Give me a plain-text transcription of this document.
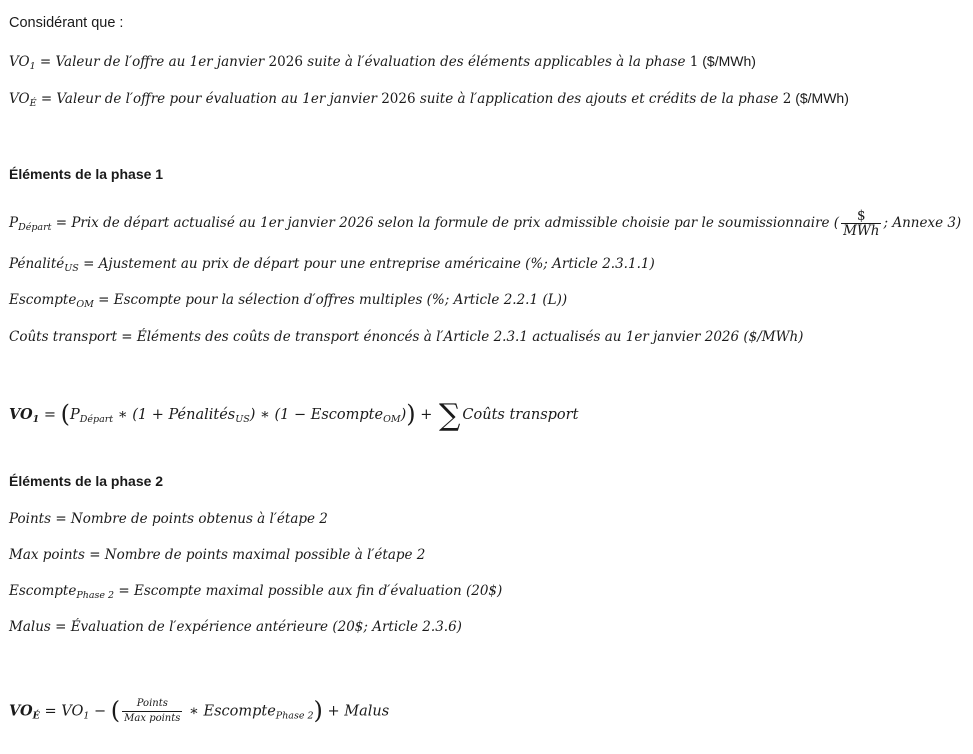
Considérant que :
$VO_1$ = Valeur de l′offre au 1er janvier 2026 suite à l′évaluation des éléments applicables à la phase 1 ($/MWh)
$VO_É$ = Valeur de l′offre pour évaluation au 1er janvier 2026 suite à l′application des ajouts et crédits de la phase 2 ($/MWh)
Éléments de la phase 1
$P_{Départ}$ = Prix de départ actualisé au 1er janvier 2026 selon la formule de prix admissible choisie par le soumissionnaire ( $\frac{\$}{\text{MWh}}$ ; Annexe 3)
Pénalité$_{US}$ = Ajustement au prix de départ pour une entreprise américaine (%; Article 2.3.1.1)
Escompte$_{OM}$ = Escompte pour la sélection d′offres multiples (%; Article 2.2.1 (L))
Coûts transport = Éléments des coûts de transport énoncés à l′Article 2.3.1 actualisés au 1er janvier 2026 ($/MWh)
$VO_1 = (P_{Départ}$ ∗ (1 + Pénalités$_{US}$) ∗ (1 − Escompte$_{OM}$)) + ∑ Coûts transport
Éléments de la phase 2
Points = Nombre de points obtenus à l′étape 2
Max points = Nombre de points maximal possible à l′étape 2
Escompte$_{Phase 2}$ = Escompte maximal possible aux fin d′évaluation (20$)
Malus = Évaluation de l′expérience antérieure (20$; Article 2.3.6)
$VO_É = VO_1$ − ( $\frac{\text{Points}}{\text{Max points}}$ ∗ Escompte$_{Phase 2}$) + Malus
